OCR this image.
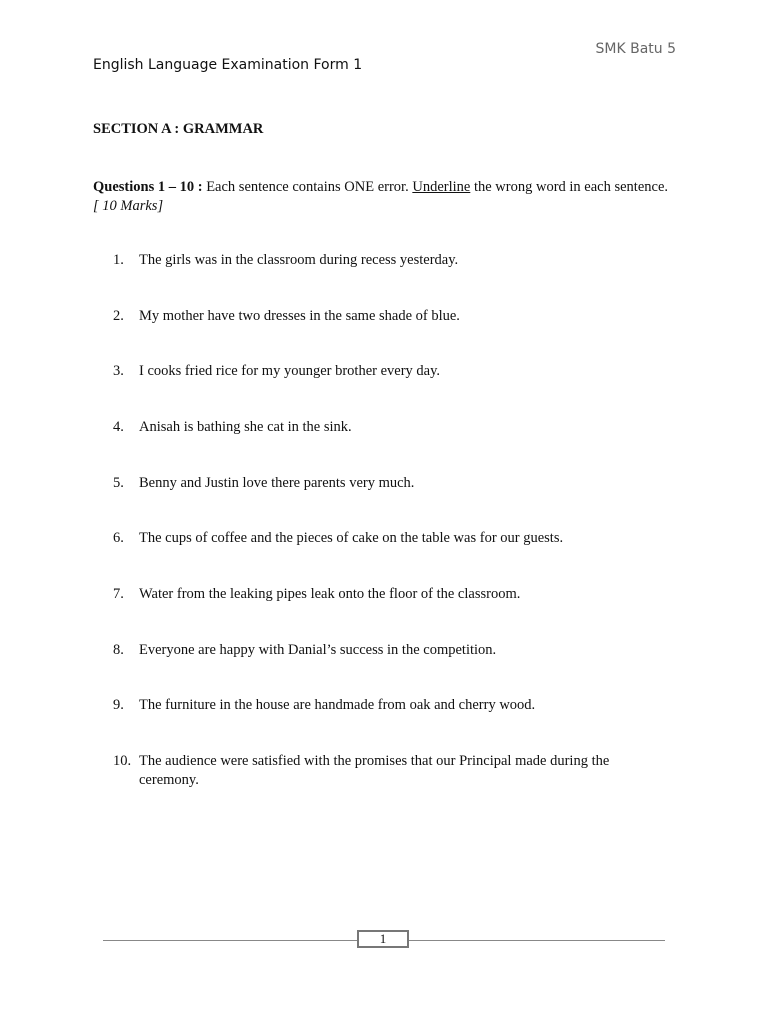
SMK Batu 5
English Language Examination Form 1
SECTION A : GRAMMAR
Questions 1 – 10 : Each sentence contains ONE error. Underline the wrong word in each sentence. [ 10 Marks]
1.	The girls was in the classroom during recess yesterday.
2.	My mother have two dresses in the same shade of blue.
3.	I cooks fried rice for my younger brother every day.
4.	Anisah is bathing she cat in the sink.
5.	Benny and Justin love there parents very much.
6.	The cups of coffee and the pieces of cake on the table was for our guests.
7.	Water from the leaking pipes leak onto the floor of the classroom.
8.	Everyone are happy with Danial’s success in the competition.
9.	The furniture in the house are handmade from oak and cherry wood.
10. The audience were satisfied with the promises that our Principal made during the ceremony.
1
